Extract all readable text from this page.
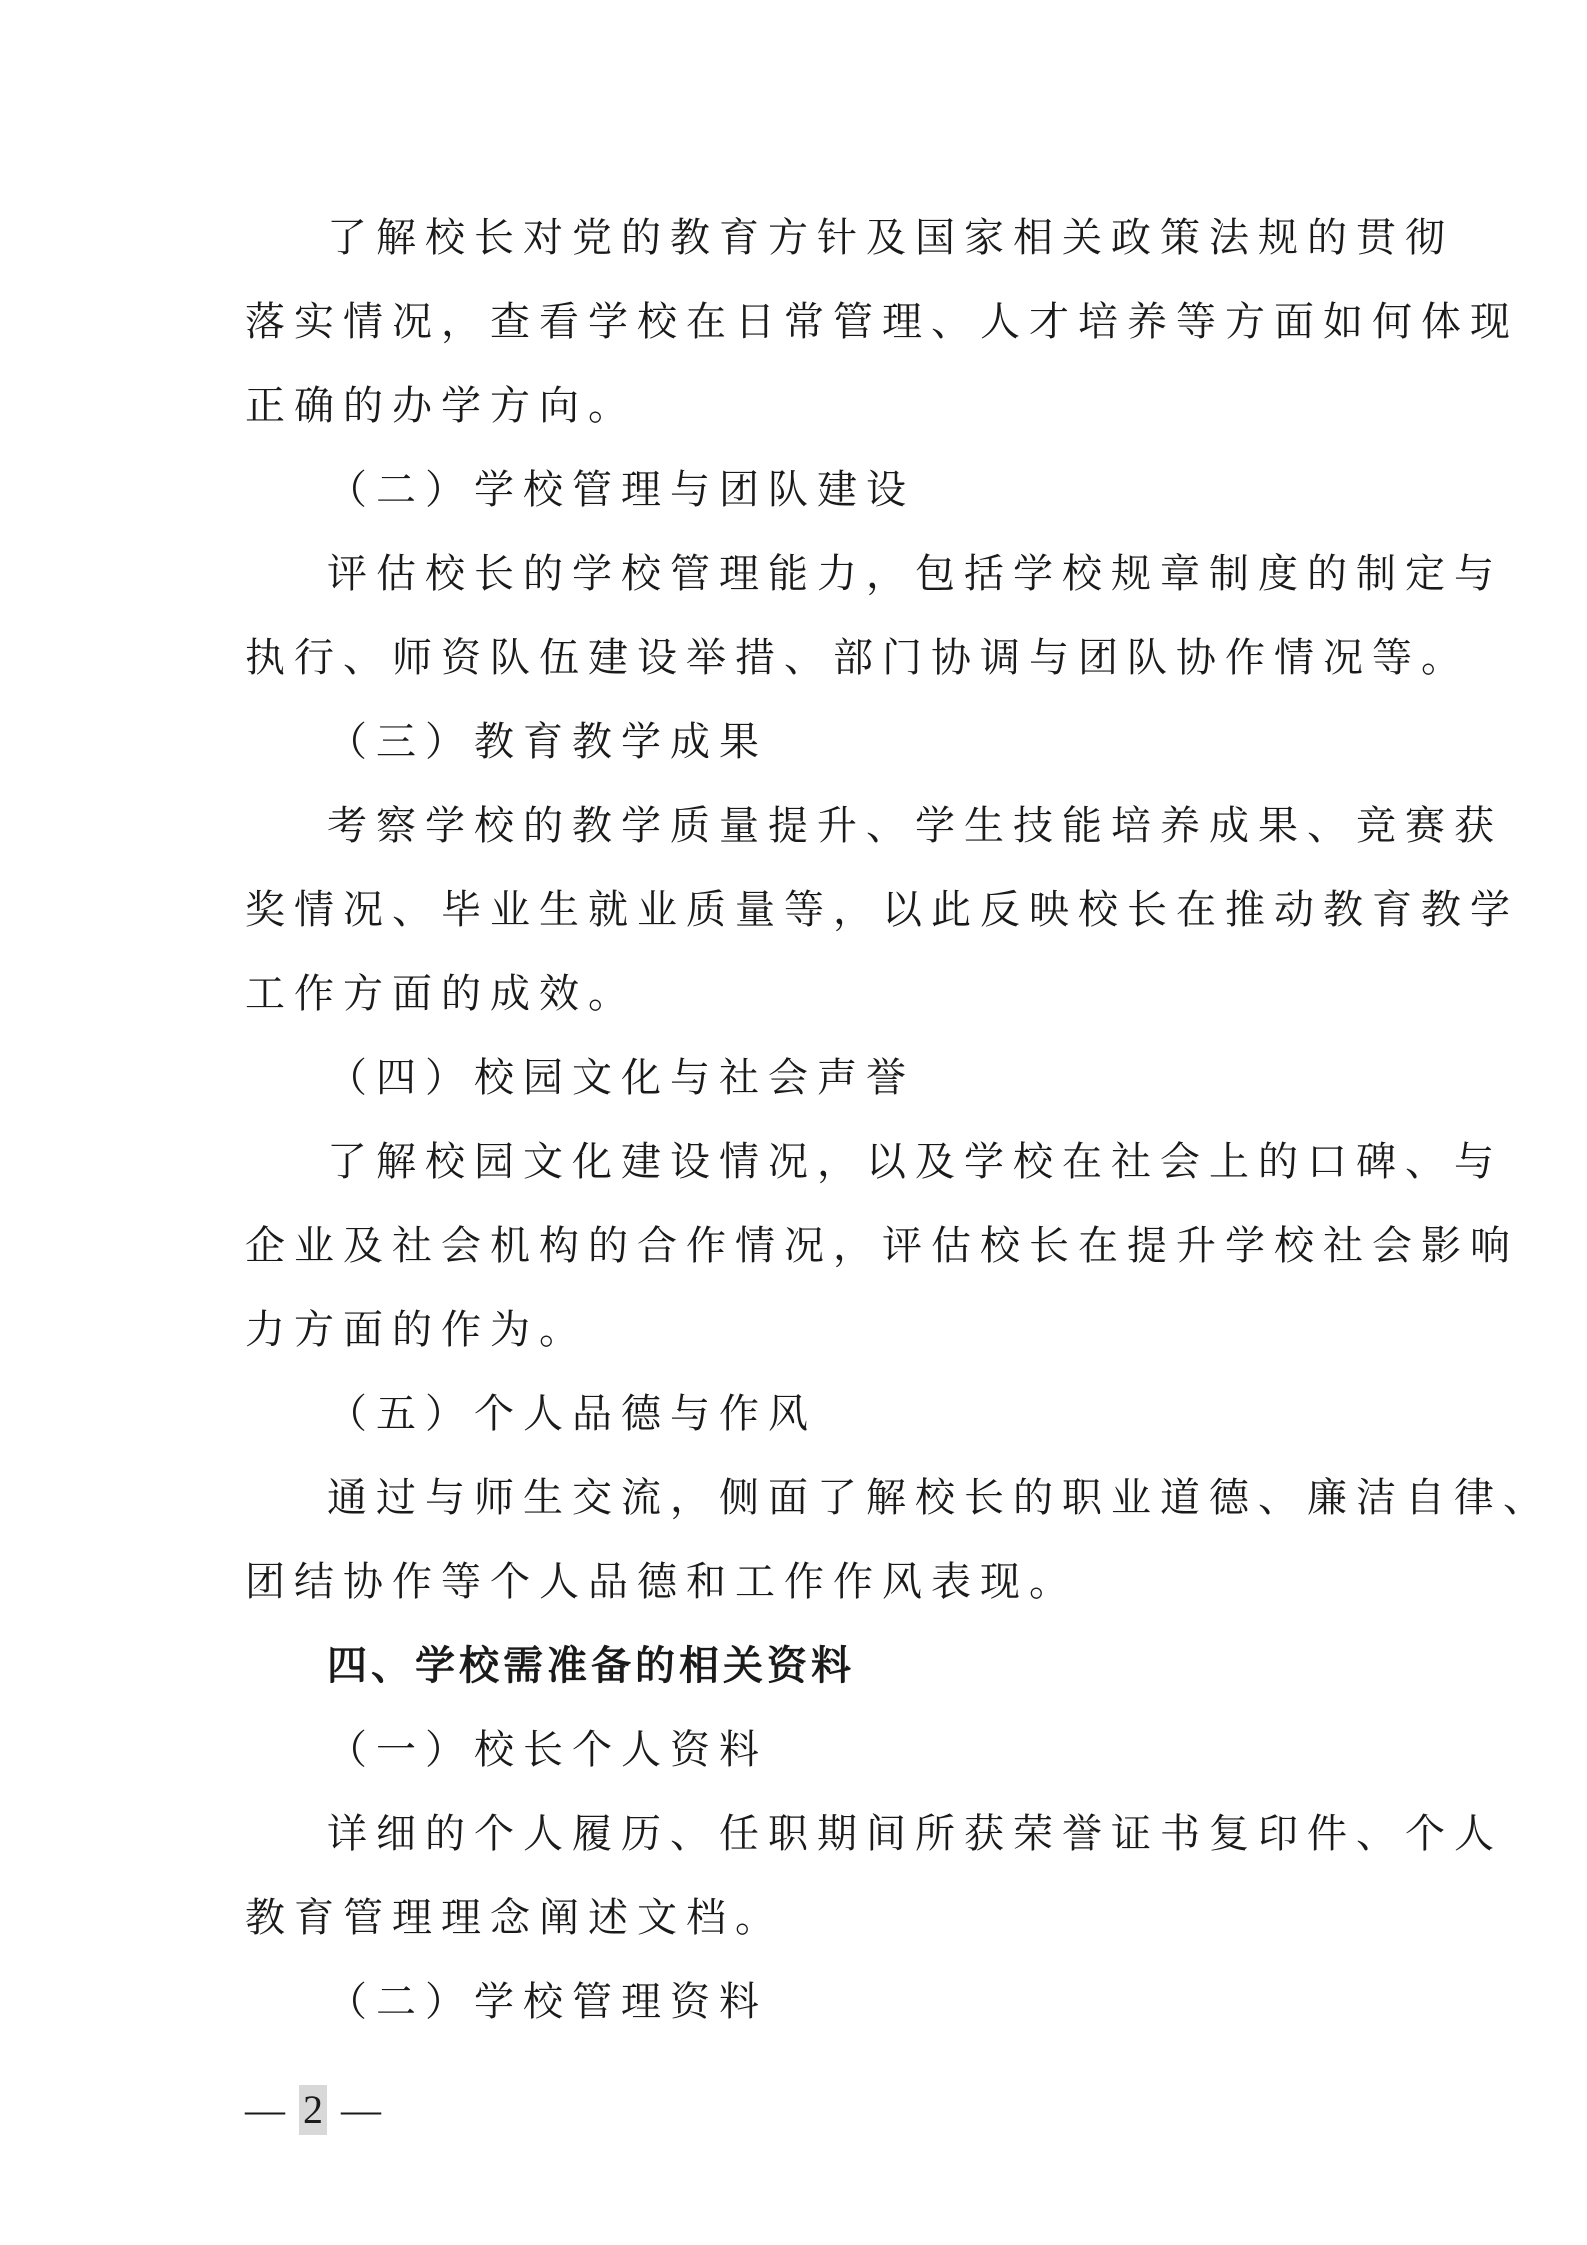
了解校长对党的教育方针及国家相关政策法规的贯彻
落实情况，查看学校在日常管理、人才培养等方面如何体现
正确的办学方向。
（二）学校管理与团队建设
评估校长的学校管理能力，包括学校规章制度的制定与
执行、师资队伍建设举措、部门协调与团队协作情况等。
（三）教育教学成果
考察学校的教学质量提升、学生技能培养成果、竞赛获
奖情况、毕业生就业质量等，以此反映校长在推动教育教学
工作方面的成效。
（四）校园文化与社会声誉
了解校园文化建设情况，以及学校在社会上的口碑、与
企业及社会机构的合作情况，评估校长在提升学校社会影响
力方面的作为。
（五）个人品德与作风
通过与师生交流，侧面了解校长的职业道德、廉洁自律、
团结协作等个人品德和工作作风表现。
四、学校需准备的相关资料
（一）校长个人资料
详细的个人履历、任职期间所获荣誉证书复印件、个人
教育管理理念阐述文档。
（二）学校管理资料
— 2 —
